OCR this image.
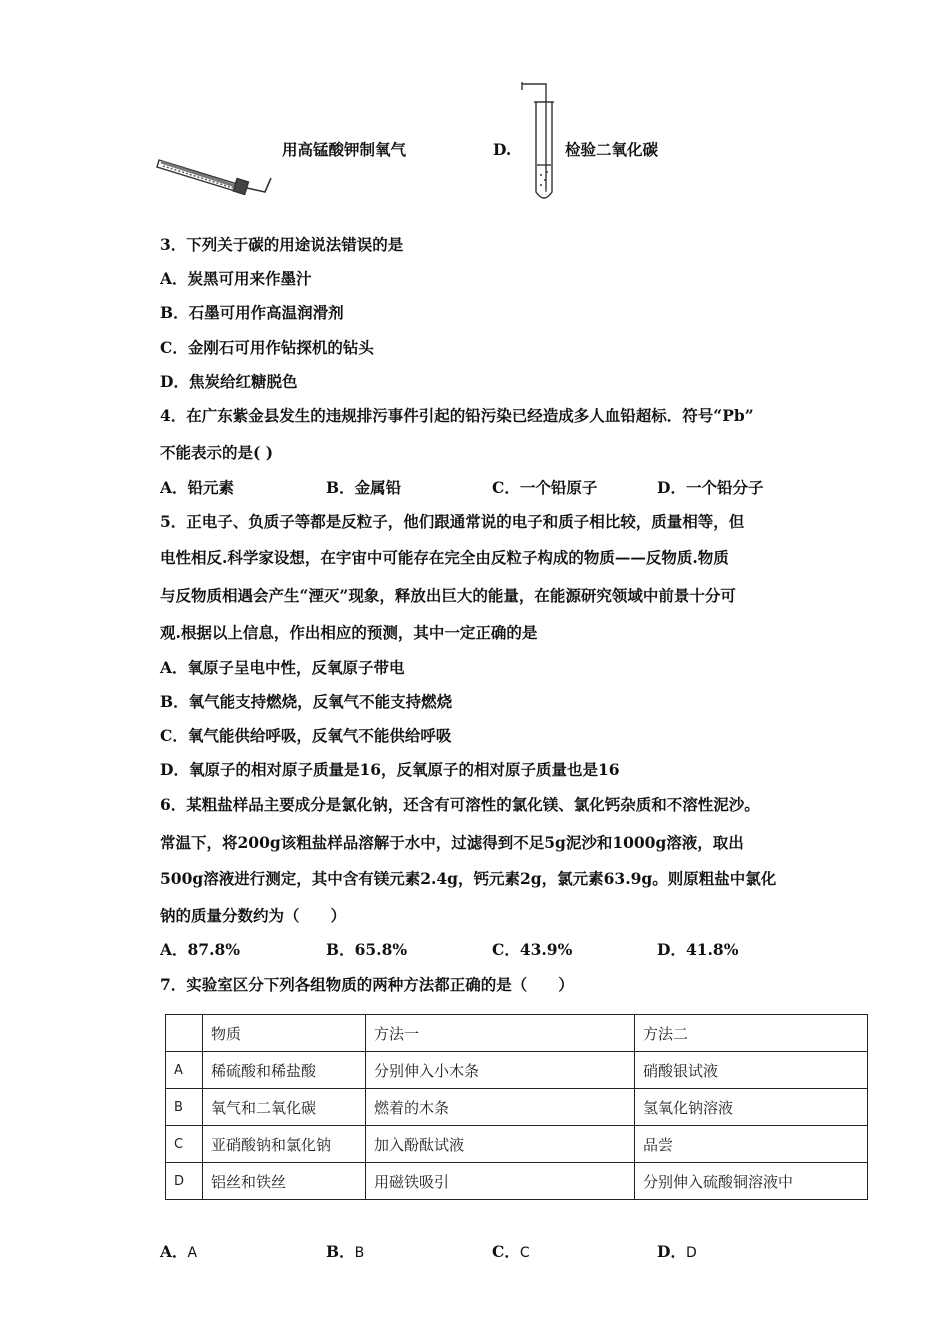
用高锰酸钾制氧气	D.	检验二氧化碳
3．下列关于碳的用途说法错误的是
A．炭黑可用来作墨汁
B．石墨可用作高温润滑剂
C．金刚石可用作钻探机的钻头
D．焦炭给红糖脱色
4．在广东紫金县发生的违规排污事件引起的铅污染已经造成多人血铅超标．符号“Pb”
不能表示的是( )
A．铅元素	B．金属铅	C．一个铅原子	D．一个铅分子
5．正电子、负质子等都是反粒子，他们跟通常说的电子和质子相比较，质量相等，但
电性相反.科学家设想，在宇宙中可能存在完全由反粒子构成的物质——反物质.物质
与反物质相遇会产生“湮灭”现象，释放出巨大的能量，在能源研究领域中前景十分可
观.根据以上信息，作出相应的预测，其中一定正确的是
A．氧原子呈电中性，反氧原子带电
B．氧气能支持燃烧，反氧气不能支持燃烧
C．氧气能供给呼吸，反氧气不能供给呼吸
D．氧原子的相对原子质量是16，反氧原子的相对原子质量也是16
6．某粗盐样品主要成分是氯化钠，还含有可溶性的氯化镁、氯化钙杂质和不溶性泥沙。
常温下，将200g该粗盐样品溶解于水中，过滤得到不足5g泥沙和1000g溶液，取出
500g溶液进行测定，其中含有镁元素2.4g，钙元素2g，氯元素63.9g。则原粗盐中氯化
钠的质量分数约为（　　）
A．87.8%	B．65.8%	C．43.9%	D．41.8%
7．实验室区分下列各组物质的两种方法都正确的是（　　）
	物质	方法一	方法二
A	稀硫酸和稀盐酸	分别伸入小木条	硝酸银试液
B	氧气和二氧化碳	燃着的木条	氢氧化钠溶液
C	亚硝酸钠和氯化钠	加入酚酞试液	品尝
D	铝丝和铁丝	用磁铁吸引	分别伸入硫酸铜溶液中
A．A	B．B	C．C	D．D
